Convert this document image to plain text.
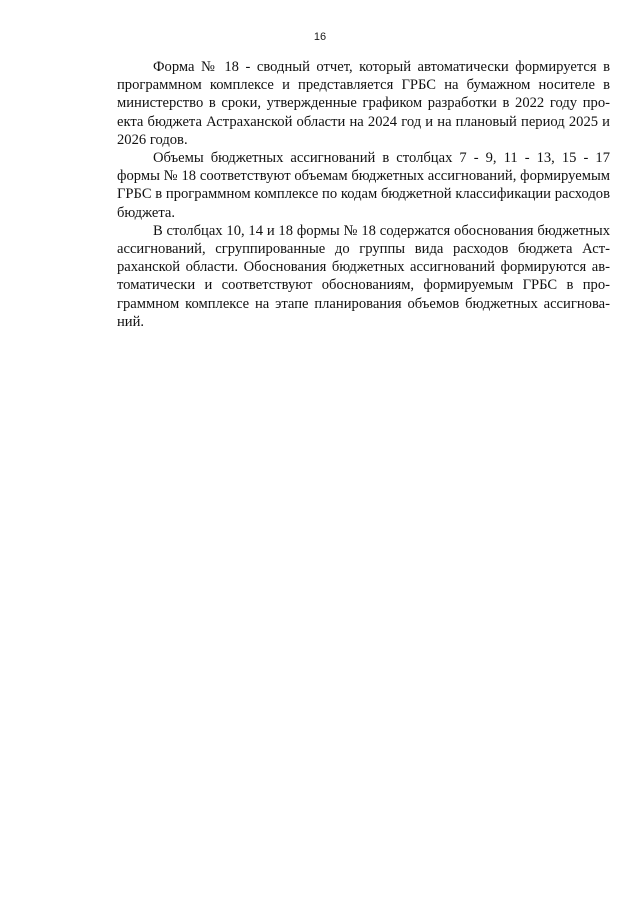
16

Форма № 18 - сводный отчет, который автоматически формируется в программном комплексе и представляется ГРБС на бумажном носителе в министерство в сроки, утвержденные графиком разработки в 2022 году проекта бюджета Астраханской области на 2024 год и на плановый период 2025 и 2026 годов.

Объемы бюджетных ассигнований в столбцах 7 - 9, 11 - 13, 15 - 17 формы № 18 соответствуют объемам бюджетных ассигнований, формируемым ГРБС в программном комплексе по кодам бюджетной классификации расходов бюджета.

В столбцах 10, 14 и 18 формы № 18 содержатся обоснования бюджетных ассигнований, сгруппированные до группы вида расходов бюджета Астраханской области. Обоснования бюджетных ассигнований формируются автоматически и соответствуют обоснованиям, формируемым ГРБС в программном комплексе на этапе планирования объемов бюджетных ассигнований.
